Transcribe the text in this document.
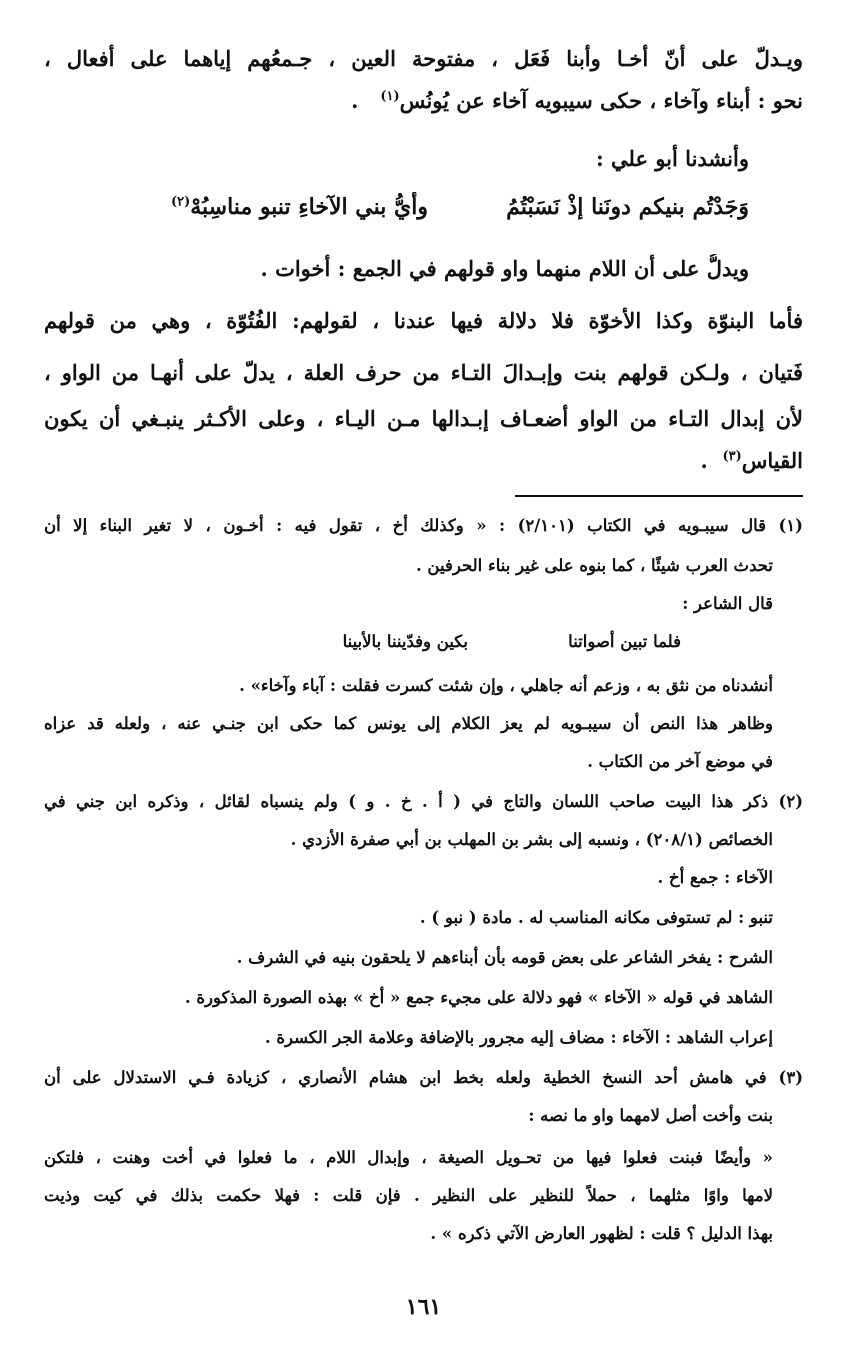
ويـدلّ على أنّ أخـا وأبنا فَعَل ، مفتوحة العين ، جـمعُهم إياهما على أفعال ،
نحو : أبناء وآخاء ، حكى سيبويه آخاء عن يُونُس$^{(١)}$   .
وأنشدنا أبو علي :
وَجَدْتُم بنيكم دونَنا إذْ نَسَبْتُمُ
وأيُّ بني الآخاءِ تنبو مناسِبُهْ$^{(٢)}$
ويدلُّ على أن اللام منهما واو قولهم في الجمع : أخوات .
فأما البنوّة وكذا الأخوّة فلا دلالة فيها عندنا ، لقولهم: الفُتُوّة ، وهي من قولهم
فَتيان ، ولـكن قولهم بنت وإبـدالَ التـاء من حرف العلة ، يدلّ على أنهـا من الواو ،
لأن إبدال التـاء من الواو أضعـاف إبـدالها مـن اليـاء ، وعلى الأكـثر ينبـغي أن يكون
القياس$^{(٣)}$  .
(١) قال سيبـويه في الكتاب (٢/١٠١) : « وكذلك أخ ، تقول فيه : أخـون ، لا تغير البناء إلا أن
تحدث العرب شيئًا ، كما بنوه على غير بناء الحرفين .
قال الشاعر :
فلما تبين أصواتنا
بكين وفدّيننا بالأبينا
أنشدناه من نثق به ، وزعم أنه جاهلي ، وإن شئت كسرت فقلت : آباء وآخاء» .
وظاهر هذا النص أن سيبـويه لم يعز الكلام إلى يونس كما حكى ابن جنـي عنه ، ولعله قد عزاه
في موضع آخر من الكتاب .
(٢) ذكر هذا البيت صاحب اللسان والتاج في ( أ . خ . و ) ولم ينسباه لقائل ، وذكره ابن جني في
الخصائص (٢٠٨/١) ، ونسبه إلى بشر بن المهلب بن أبي صفرة الأزدي .
الآخاء : جمع أخ .
تنبو : لم تستوفى مكانه المناسب له . مادة ( نبو ) .
الشرح : يفخر الشاعر على بعض قومه بأن أبناءهم لا يلحقون بنيه في الشرف .
الشاهد في قوله « الآخاء » فهو دلالة على مجيء جمع « أخ » بهذه الصورة المذكورة .
إعراب الشاهد : الآخاء : مضاف إليه مجرور بالإضافة وعلامة الجر الكسرة .
(٣) في هامش أحد النسخ الخطية ولعله بخط ابن هشام الأنصاري ، كزيادة فـي الاستدلال على أن
بنت وأخت أصل لامهما واو ما نصه :
« وأيضًا فبنت فعلوا فيها من تحـويل الصيغة ، وإبدال اللام ، ما فعلوا في أخت وهنت ، فلتكن
لامها واوًا مثلهما ، حملاً للنظير على النظير . فإن قلت : فهلا حكمت بذلك في كيت وذيت
بهذا الدليل ؟ قلت : لظهور العارض الآتي ذكره » .
١٦١
